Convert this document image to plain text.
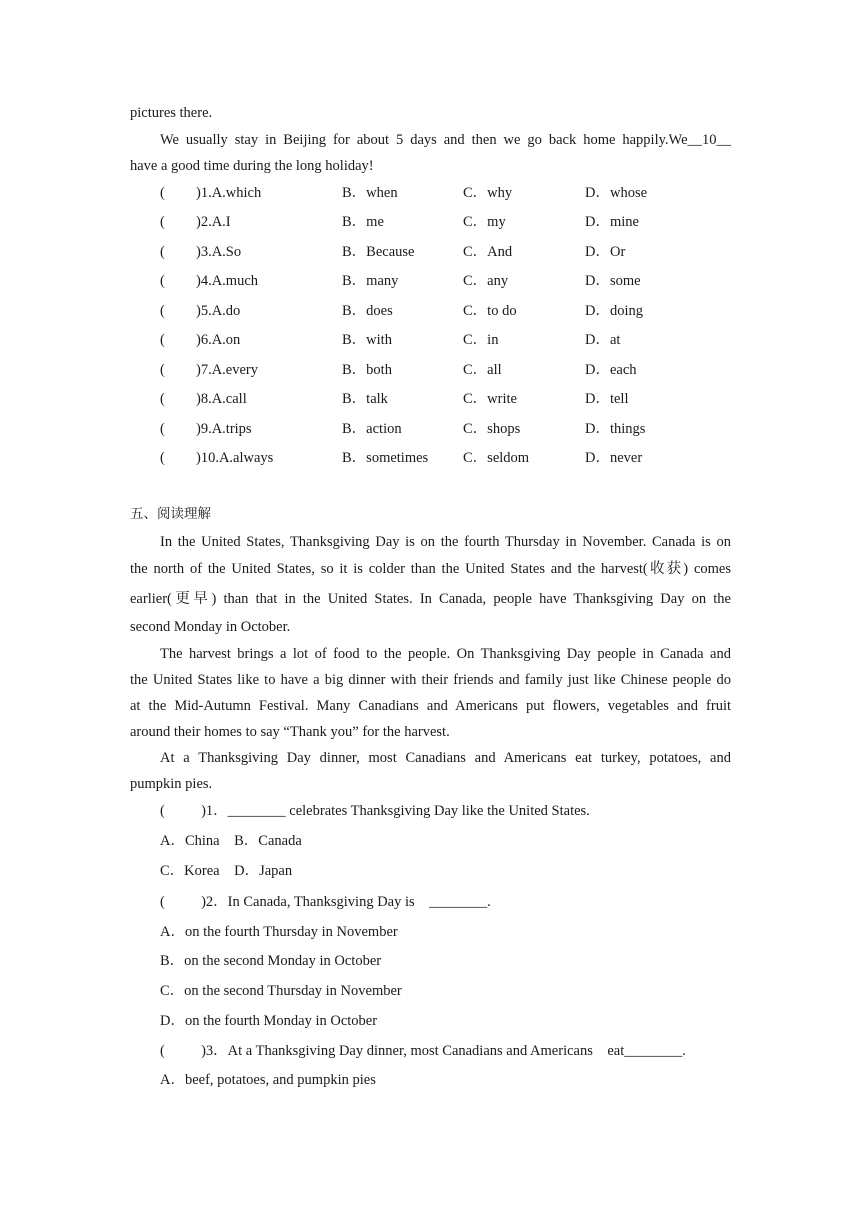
pictures there.
We usually stay in Beijing for about 5 days and then we go back home happily.We__10__
have a good time during the long holiday!
( )1.A.which	B．when	C．why	D．whose
( )2.A.I	B．me	C．my	D．mine
( )3.A.So	B．Because	C．And	D．Or
( )4.A.much	B．many	C．any	D．some
( )5.A.do	B．does	C．to do	D．doing
( )6.A.on	B．with	C．in	D．at
( )7.A.every	B．both	C．all	D．each
( )8.A.call	B．talk	C．write	D．tell
( )9.A.trips	B．action	C．shops	D．things
( )10.A.always	B．sometimes C．seldom	D．never
五、阅读理解
In the United States, Thanksgiving Day is on the fourth Thursday in November. Canada is on
the north of the United States, so it is colder than the United States and the harvest(收获) comes
earlier(更早) than that in the United States. In Canada, people have Thanksgiving Day on the
second Monday in October.
The harvest brings a lot of food to the people. On Thanksgiving Day people in Canada and
the United States like to have a big dinner with their friends and family just like Chinese people do
at the Mid-Autumn Festival. Many Canadians and Americans put flowers, vegetables and fruit
around their homes to say “Thank you” for the harvest.
At a Thanksgiving Day dinner, most Canadians and Americans eat turkey, potatoes, and
pumpkin pies.
(          )1．________ celebrates Thanksgiving Day like the United States.
A．China    B．Canada
C．Korea    D．Japan
(          )2．In Canada, Thanksgiving Day is    ________.
A．on the fourth Thursday in November
B．on the second Monday in October
C．on the second Thursday in November
D．on the fourth Monday in October
(          )3．At a Thanksgiving Day dinner, most Canadians and Americans    eat________.
A．beef, potatoes, and pumpkin pies
